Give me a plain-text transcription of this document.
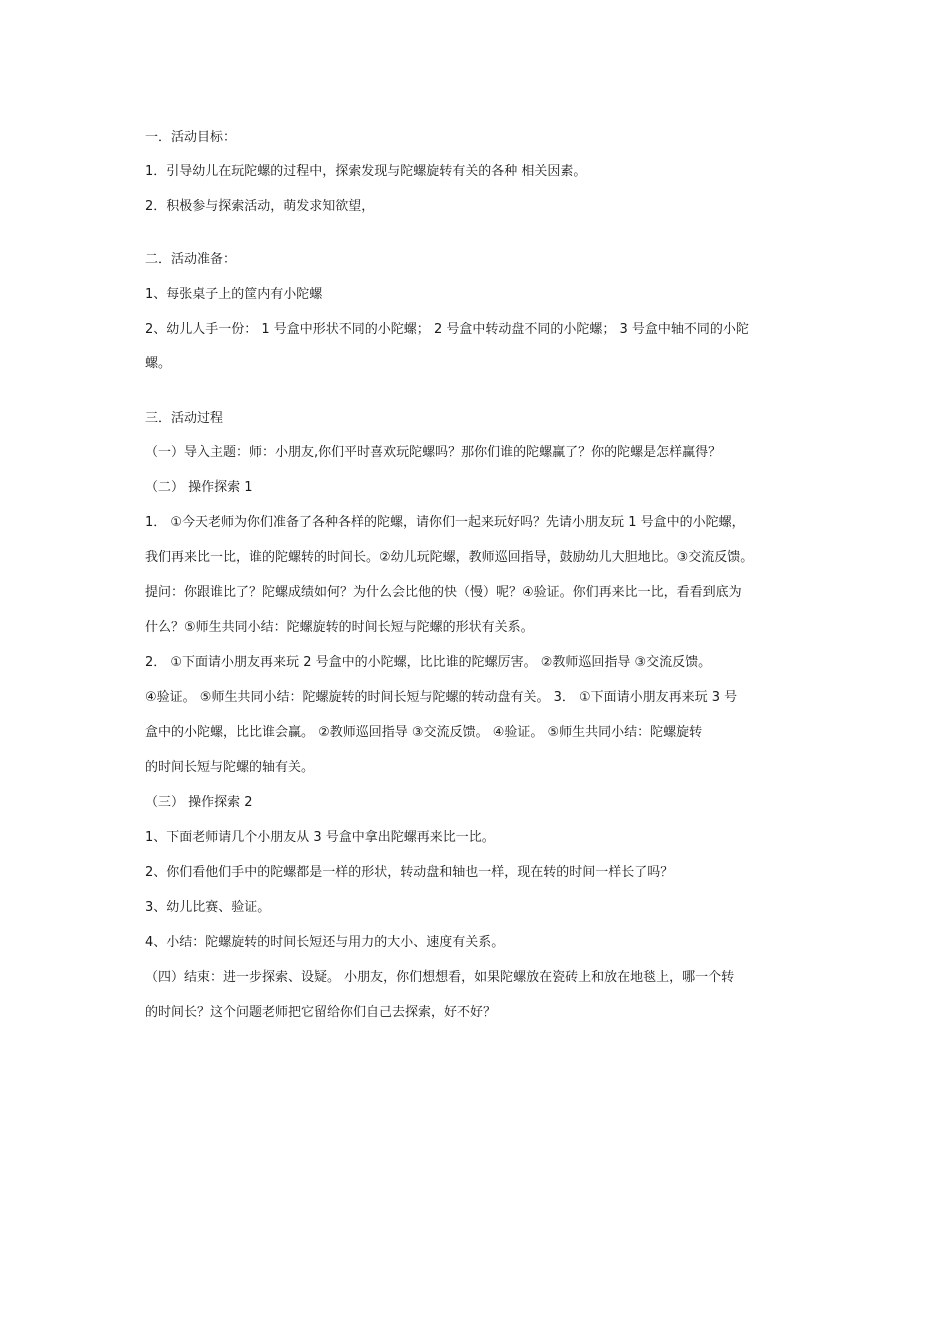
一．活动目标：
1．引导幼儿在玩陀螺的过程中，探索发现与陀螺旋转有关的各种 相关因素。
2．积极参与探索活动，萌发求知欲望，
二．活动准备：
1、每张桌子上的筐内有小陀螺
2、幼儿人手一份： 1 号盒中形状不同的小陀螺； 2 号盒中转动盘不同的小陀螺； 3 号盒中轴不同的小陀
螺。
三．活动过程
（一）导入主题：师：小朋友,你们平时喜欢玩陀螺吗？那你们谁的陀螺赢了？你的陀螺是怎样赢得？
（二） 操作探索 1
1． ①今天老师为你们准备了各种各样的陀螺，请你们一起来玩好吗？先请小朋友玩 1 号盒中的小陀螺，
我们再来比一比，谁的陀螺转的时间长。②幼儿玩陀螺，教师巡回指导，鼓励幼儿大胆地比。③交流反馈。
提问：你跟谁比了？陀螺成绩如何？为什么会比他的快（慢）呢？④验证。你们再来比一比，看看到底为
什么？⑤师生共同小结：陀螺旋转的时间长短与陀螺的形状有关系。
2． ①下面请小朋友再来玩 2 号盒中的小陀螺，比比谁的陀螺厉害。 ②教师巡回指导 ③交流反馈。
④验证。 ⑤师生共同小结：陀螺旋转的时间长短与陀螺的转动盘有关。 3． ①下面请小朋友再来玩 3 号
盒中的小陀螺，比比谁会赢。 ②教师巡回指导 ③交流反馈。 ④验证。 ⑤师生共同小结：陀螺旋转
的时间长短与陀螺的轴有关。
（三） 操作探索 2
1、下面老师请几个小朋友从 3 号盒中拿出陀螺再来比一比。
2、你们看他们手中的陀螺都是一样的形状，转动盘和轴也一样，现在转的时间一样长了吗？
3、幼儿比赛、验证。
4、小结：陀螺旋转的时间长短还与用力的大小、速度有关系。
（四）结束：进一步探索、设疑。 小朋友，你们想想看，如果陀螺放在瓷砖上和放在地毯上，哪一个转
的时间长？这个问题老师把它留给你们自己去探索，好不好？
